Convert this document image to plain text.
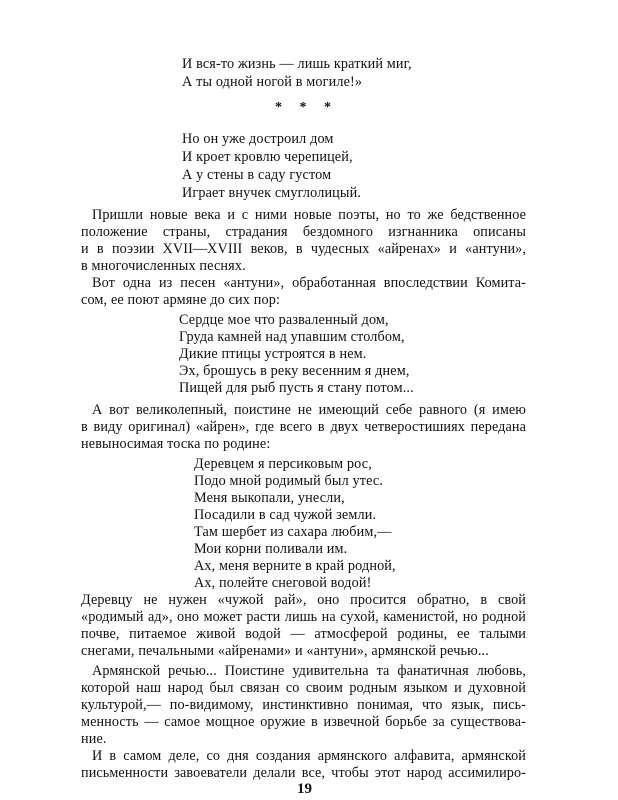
И вся-то жизнь — лишь краткий миг,
А ты одной ногой в могиле!»
* * *
Но он уже достроил дом
И кроет кровлю черепицей,
А у стены в саду густом
Играет внучек смуглолицый.
Пришли новые века и с ними новые поэты, но то же бедственное
положение страны, страдания бездомного изгнанника описаны
и в поэзии XVII—XVIII веков, в чудесных «айренах» и «антуни»,
в многочисленных песнях.
Вот одна из песен «антуни», обработанная впоследствии Комита-
сом, ее поют армяне до сих пор:
Сердце мое что разваленный дом,
Груда камней над упавшим столбом,
Дикие птицы устроятся в нем.
Эх, брошусь в реку весенним я днем,
Пищей для рыб пусть я стану потом...
А вот великолепный, поистине не имеющий себе равного (я имею
в виду оригинал) «айрен», где всего в двух четверостишиях передана
невыносимая тоска по родине:
Деревцем я персиковым рос,
Подо мной родимый был утес.
Меня выкопали, унесли,
Посадили в сад чужой земли.
Там шербет из сахара любим,—
Мои корни поливали им.
Ах, меня верните в край родной,
Ах, полейте снеговой водой!
Деревцу не нужен «чужой рай», оно просится обратно, в свой
«родимый ад», оно может расти лишь на сухой, каменистой, но родной
почве, питаемое живой водой — атмосферой родины, ее талыми
снегами, печальными «айренами» и «антуни», армянской речью...
Армянской речью... Поистине удивительна та фанатичная любовь,
которой наш народ был связан со своим родным языком и духовной
культурой,— по-видимому, инстинктивно понимая, что язык, пись-
менность — самое мощное оружие в извечной борьбе за существова-
ние.
И в самом деле, со дня создания армянского алфавита, армянской
письменности завоеватели делали все, чтобы этот народ ассимилиро-
19
